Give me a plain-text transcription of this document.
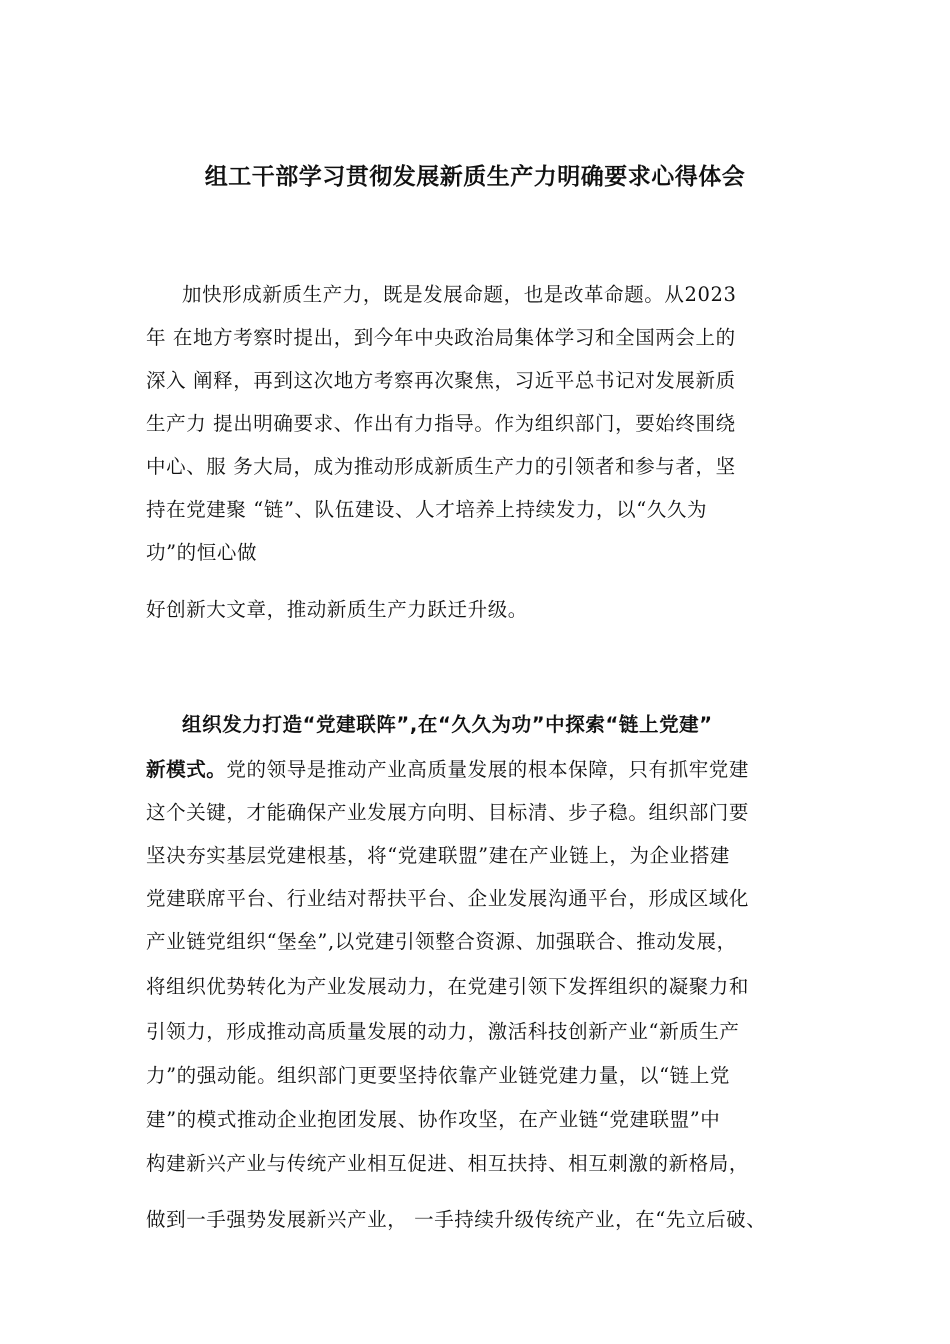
组工干部学习贯彻发展新质生产力明确要求心得体会
加快形成新质生产力，既是发展命题，也是改革命题。从2023
年 在地方考察时提出，到今年中央政治局集体学习和全国两会上的
深入 阐释，再到这次地方考察再次聚焦，习近平总书记对发展新质
生产力 提出明确要求、作出有力指导。作为组织部门，要始终围绕
中心、服 务大局，成为推动形成新质生产力的引领者和参与者，坚
持在党建聚 “链”、队伍建设、人才培养上持续发力，以“久久为
功”的恒心做
好创新大文章，推动新质生产力跃迁升级。
组织发力打造“党建联阵”,在“久久为功”中探索“链上党建”
新模式。党的领导是推动产业高质量发展的根本保障，只有抓牢党建
这个关键，才能确保产业发展方向明、目标清、步子稳。组织部门要
坚决夯实基层党建根基，将“党建联盟”建在产业链上，为企业搭建
党建联席平台、行业结对帮扶平台、企业发展沟通平台，形成区域化
产业链党组织“堡垒”,以党建引领整合资源、加强联合、推动发展，
将组织优势转化为产业发展动力，在党建引领下发挥组织的凝聚力和
引领力，形成推动高质量发展的动力，激活科技创新产业“新质生产
力”的强动能。组织部门更要坚持依靠产业链党建力量，以“链上党
建”的模式推动企业抱团发展、协作攻坚，在产业链“党建联盟”中
构建新兴产业与传统产业相互促进、相互扶持、相互刺激的新格局，
做到一手强势发展新兴产业， 一手持续升级传统产业，在“先立后破、
